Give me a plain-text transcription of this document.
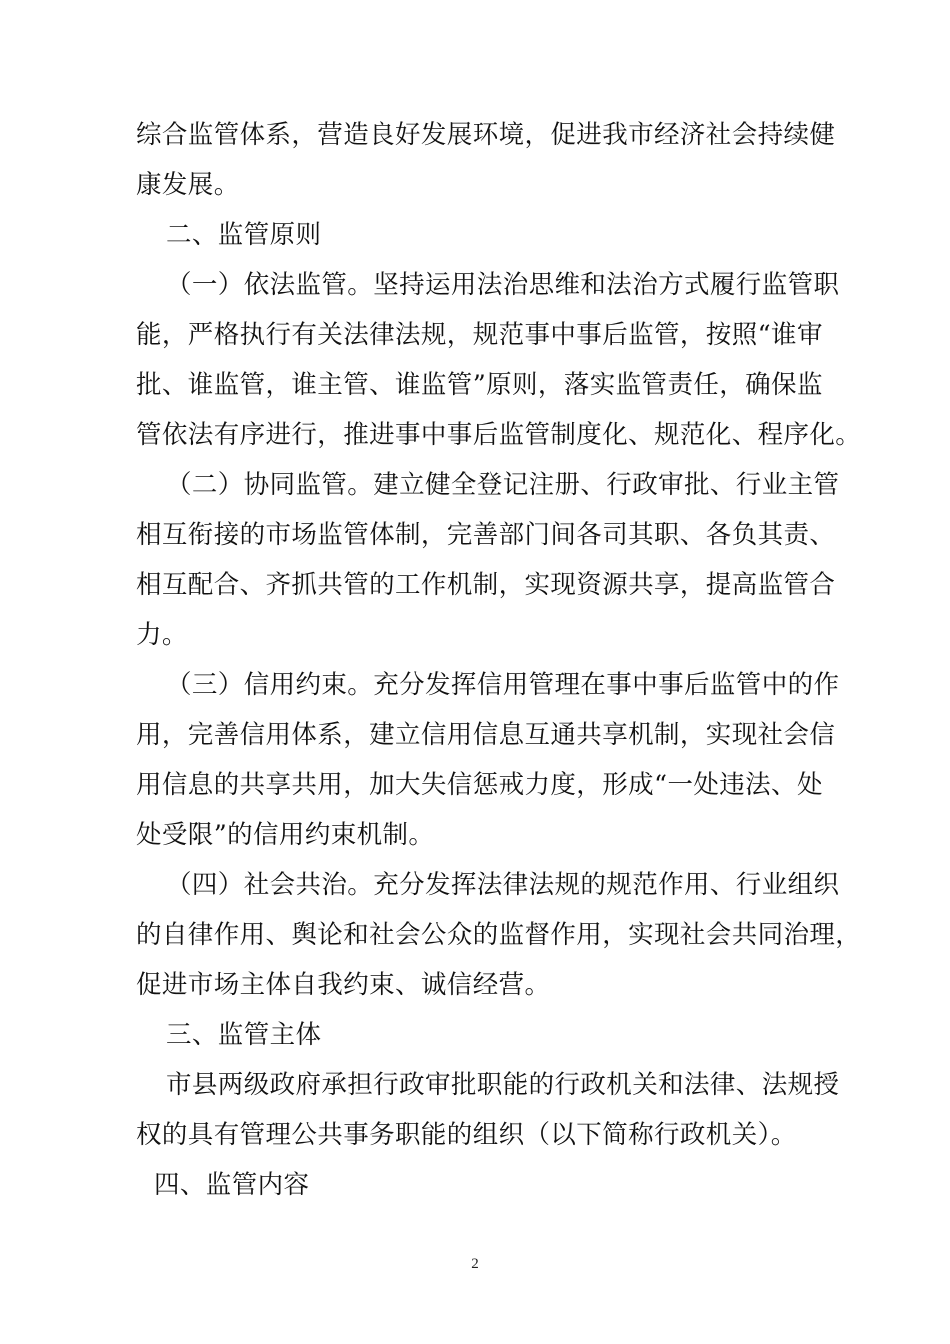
综合监管体系，营造良好发展环境，促进我市经济社会持续健
康发展。
二、监管原则
（一）依法监管。坚持运用法治思维和法治方式履行监管职
能，严格执行有关法律法规，规范事中事后监管，按照“谁审
批、谁监管，谁主管、谁监管”原则，落实监管责任，确保监
管依法有序进行，推进事中事后监管制度化、规范化、程序化。
（二）协同监管。建立健全登记注册、行政审批、行业主管
相互衔接的市场监管体制，完善部门间各司其职、各负其责、
相互配合、齐抓共管的工作机制，实现资源共享，提高监管合
力。
（三）信用约束。充分发挥信用管理在事中事后监管中的作
用，完善信用体系，建立信用信息互通共享机制，实现社会信
用信息的共享共用，加大失信惩戒力度，形成“一处违法、处
处受限”的信用约束机制。
（四）社会共治。充分发挥法律法规的规范作用、行业组织
的自律作用、舆论和社会公众的监督作用，实现社会共同治理，
促进市场主体自我约束、诚信经营。
三、监管主体
市县两级政府承担行政审批职能的行政机关和法律、法规授
权的具有管理公共事务职能的组织（以下简称行政机关）。
四、监管内容
2
